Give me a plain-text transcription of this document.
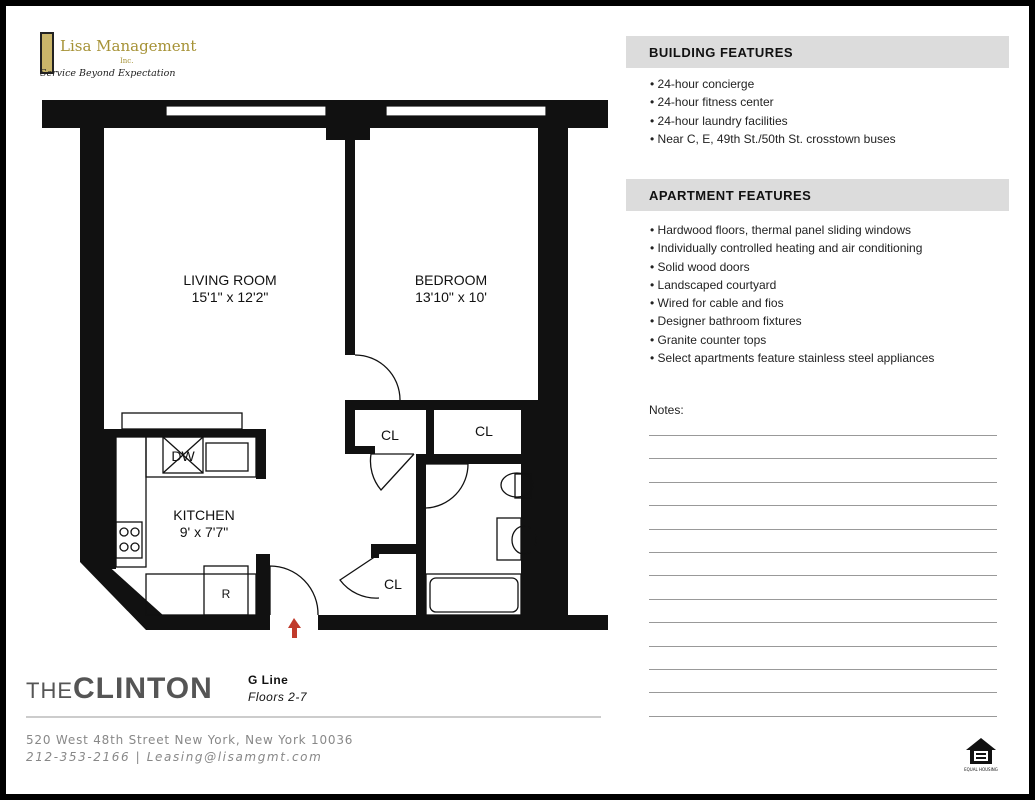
Lisa Management
Inc.
Service Beyond Expectation
LIVING ROOM
15'1" x 12'2"
BEDROOM
13'10" x 10'
KITCHEN
9' x 7'7"
CL	CL
CL
DW
R
BUILDING FEATURES
• 24-hour concierge
• 24-hour fitness center
• 24-hour laundry facilities
• Near C, E, 49th St./50th St. crosstown buses
APARTMENT FEATURES
• Hardwood floors, thermal panel sliding windows
• Individually controlled heating and air conditioning
• Solid wood doors
• Landscaped courtyard
• Wired for cable and fios
• Designer bathroom fixtures
• Granite counter tops
• Select apartments feature stainless steel appliances
Notes:
THECLINTON	G Line
Floors 2-7
520 West 48th Street New York, New York 10036
212-353-2166 | Leasing@lisamgmt.com
EQUAL HOUSING
